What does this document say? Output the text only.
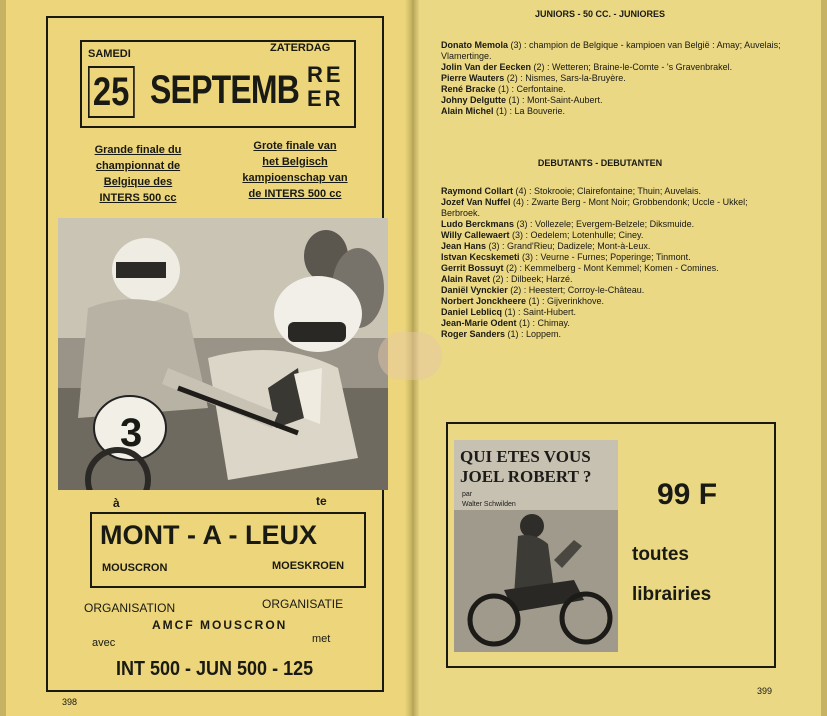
SAMEDI	ZATERDAG
25 SEPTEMB RE
ER
Grande finale du
championnat de
Belgique des
INTERS 500 cc
Grote finale van
het Belgisch
kampioenschap van
de INTERS 500 cc
3
à	te
MONT - A - LEUX
MOUSCRON	MOESKROEN
ORGANISATION	ORGANISATIE
AMCF MOUSCRON
avec	met
INT 500 - JUN 500 - 125
398
JUNIORS - 50 CC. - JUNIORES
Donato Memola (3) : champion de Belgique - kampioen van België : Amay; Auvelais; Vlamertinge.
Jolin Van der Eecken (2) : Wetteren; Braine-le-Comte - 's Gravenbrakel.
Pierre Wauters (2) : Nismes, Sars-la-Bruyère.
René Bracke (1) : Cerfontaine.
Johny Delgutte (1) : Mont-Saint-Aubert.
Alain Michel (1) : La Bouverie.
DEBUTANTS - DEBUTANTEN
Raymond Collart (4) : Stokrooie; Clairefontaine; Thuin; Auvelais.
Jozef Van Nuffel (4) : Zwarte Berg - Mont Noir; Grobbendonk; Uccle - Ukkel; Berbroek.
Ludo Berckmans (3) : Vollezele; Evergem-Belzele; Diksmuide.
Willy Callewaert (3) : Oedelem; Lotenhulle; Ciney.
Jean Hans (3) : Grand'Rieu; Dadizele; Mont-à-Leux.
Istvan Kecskemeti (3) : Veurne - Furnes; Poperinge; Tinmont.
Gerrit Bossuyt (2) : Kemmelberg - Mont Kemmel; Komen - Comines.
Alain Ravet (2) : Dilbeek; Harzé.
Daniël Vynckier (2) : Heestert; Corroy-le-Château.
Norbert Jonckheere (1) : Gijverinkhove.
Daniel Leblicq (1) : Saint-Hubert.
Jean-Marie Odent (1) : Chimay.
Roger Sanders (1) : Loppem.
QUI ETES VOUS
JOEL ROBERT ?
par
Walter Schwilden	99 F
toutes
librairies
399
